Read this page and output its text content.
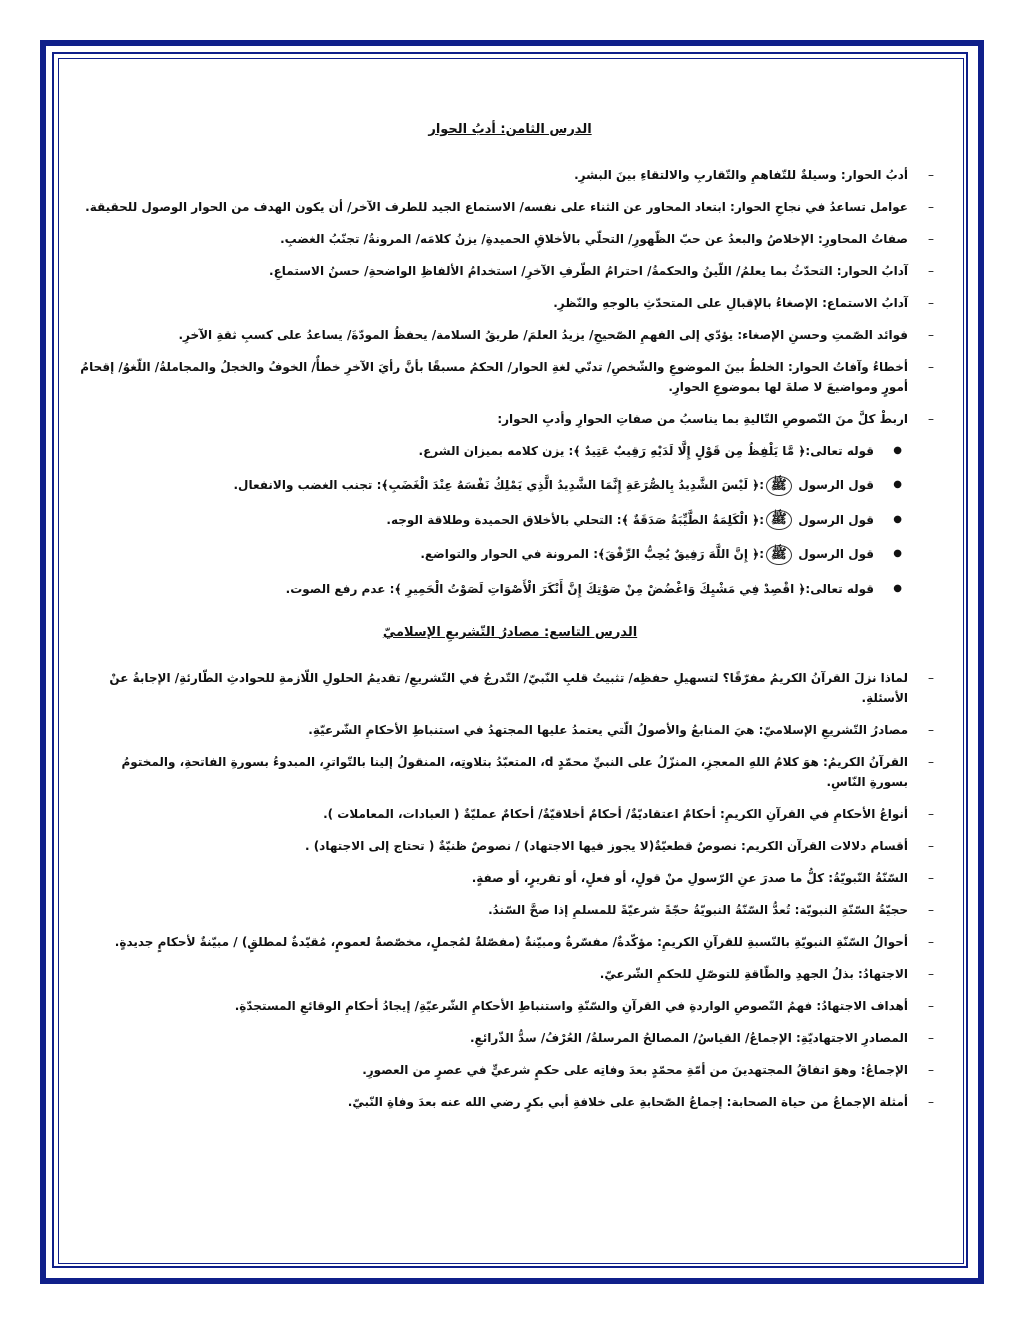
الدرس الثامن: أدبُ الحوار
– أدبُ الحوار: وسيلةٌ للتّفاهمِ والتّقاربِ والالتقاءِ بينَ البشرِ.
– عوامل تساعدُ في نجاحِ الحوار: ابتعاد المحاور عن الثناء على نفسه/ الاستماع الجيد للطرف الآخر/ أن يكون الهدف من الحوار الوصول للحقيقة.
– صفاتُ المحاورِ: الإخلاصُ والبعدُ عن حبّ الظّهورِ/ التحلّي بالأخلاقِ الحميدةِ/ يزنُ كلامَه/ المرونةُ/ تجنّبُ الغضبِ.
– آدابُ الحوار: التحدّثُ بما يعلمُ/ اللّينُ والحكمةُ/ احترامُ الطّرفِ الآخرِ/ استخدامُ الألفاظِ الواضحةِ/ حسنُ الاستماعِ.
– آدابُ الاستماع: الإصغاءُ بالإقبالِ على المتحدّثِ بالوجهِ والنّظرِ.
– فوائد الصّمتِ وحسنِ الإصغاء: يؤدّي إلى الفهمِ الصّحيحِ/ يزيدُ العلمَ/ طريقُ السلامة/ يحفظُ المودّةَ/ يساعدُ على كسبِ ثقةِ الآخرِ.
– أخطاءُ وآفاتُ الحوار: الخلطُ بينَ الموضوعِ والشّخصِ/ تدنّي لغةِ الحوار/ الحكمُ مسبقًا بأنَّ رأيَ الآخرِ خطأٌ/ الخوفُ والخجلُ والمجاملةُ/ اللّغوُ/ إقحامُ أمورٍ ومواضيعَ لا صلةَ لها بموضوعِ الحوارِ.
– اربطْ كلَّ منَ النّصوصِ التّاليةِ بما يناسبُ من صفاتِ الحوارِ وأدبِ الحوار:
● قوله تعالى:﴿ مَّا يَلْفِظُ مِن قَوْلٍ إِلَّا لَدَيْهِ رَقِيبٌ عَتِيدٌ ﴾: يزن كلامه بميزان الشرع.
● قول الرسول ﷺ:﴿ لَيْسَ الشَّدِيدُ بِالصُّرَعَةِ إِنَّمَا الشَّدِيدُ الَّذِي يَمْلِكُ نَفْسَهُ عِنْدَ الْغَضَبِ﴾: تجنب الغضب والانفعال.
● قول الرسول ﷺ:﴿ الْكَلِمَةُ الطَّيِّبَةُ صَدَقَةٌ ﴾: التحلي بالأخلاق الحميدة وطلاقة الوجه.
● قول الرسول ﷺ:﴿ إِنَّ اللَّهَ رَفِيقٌ يُحِبُّ الرِّفْقَ﴾: المرونة في الحوار والتواضع.
● قوله تعالى:﴿ اقْصِدْ فِي مَشْيِكَ وَاغْضُضْ مِنْ صَوْتِكَ إِنَّ أَنْكَرَ الْأَصْوَاتِ لَصَوْتُ الْحَمِيرِ ﴾: عدم رفع الصوت.
الدرس التاسع: مصادرُ التّشريعِ الإسلاميّ
– لماذا نزلَ القرآنُ الكريمُ مفرّقًا؟ لتسهيلِ حفظِه/ تثبيتُ قلبِ النّبيّ/ التّدرجُ في التّشريعِ/ تقديمُ الحلولِ اللّازمةِ للحوادثِ الطّارئةِ/ الإجابةُ عنْ الأسئلةِ.
– مصادرُ التّشريعِ الإسلاميّ: هيَ المنابعُ والأصولُ الّتي يعتمدُ عليها المجتهدُ في استنباطِ الأحكامِ الشّرعيّةِ.
– القرآنُ الكريمُ: هوَ كلامُ اللهِ المعجزِ، المنزّلُ على النبيِّ محمّدٍ d، المتعبّدُ بتلاوتِه، المنقولُ إلينا بالتّواترِ، المبدوءُ بسورةِ الفاتحةِ، والمختومُ بسورةِ النّاسِ.
– أنواعُ الأحكامِ في القرآنِ الكريمِ: أحكامٌ اعتقاديّةٌ/ أحكامٌ أخلاقيّةٌ/ أحكامٌ عمليّةٌ ( العبادات، المعاملات ).
– أقسام دلالات القرآن الكريم: نصوصٌ قطعيّةٌ(لا يجوز فيها الاجتهاد) / نصوصٌ ظنيّةٌ ( تحتاج إلى الاجتهاد) .
– السّنّةُ النّبويّةُ: كلُّ ما صدرَ عنِ الرّسولِ منْ قولٍ، أو فعلٍ، أو تقريرٍ، أو صفةٍ.
– حجيّةُ السّنّةِ النبويّة: تُعدُّ السّنّةُ النبويّةُ حجّةً شرعيّةً للمسلمِ إذا صحَّ السّندُ.
– أحوالُ السّنّةِ النبويّةِ بالنّسبةِ للقرآنِ الكريمِ: مؤكّدةٌ/ مفسّرةٌ ومبيّنةٌ (مفصّلةٌ لمُجملٍ، مخصّصةٌ لعمومٍ، مُقيّدةٌ لمطلقٍ) / مبيّنةٌ لأحكامٍ جديدةٍ.
– الاجتهادُ: بذلُ الجهدِ والطّاقةِ للتوصّلِ للحكمِ الشّرعيّ.
– أهداف الاجتهادُ: فهمُ النّصوصِ الواردةِ في القرآنِ والسّنّةِ واستنباطِ الأحكامِ الشّرعيّةِ/ إيجادُ أحكامِ الوقائعِ المستجدّةِ.
– المصادرِ الاجتهاديّةِ: الإجماعُ/ القياسُ/ المصالحُ المرسلةُ/ العُرْفُ/ سدُّ الذّرائعِ.
– الإجماعُ: وهوَ اتفاقُ المجتهدينَ من أمّةِ محمّدٍ بعدَ وفاتِه على حكمٍ شرعيٍّ في عصرٍ من العصورِ.
– أمثلة الإجماعُ من حياة الصحابة: إجماعُ الصّحابةِ على خلافةِ أبي بكرٍ رضي الله عنه بعدَ وفاةِ النّبيّ.
